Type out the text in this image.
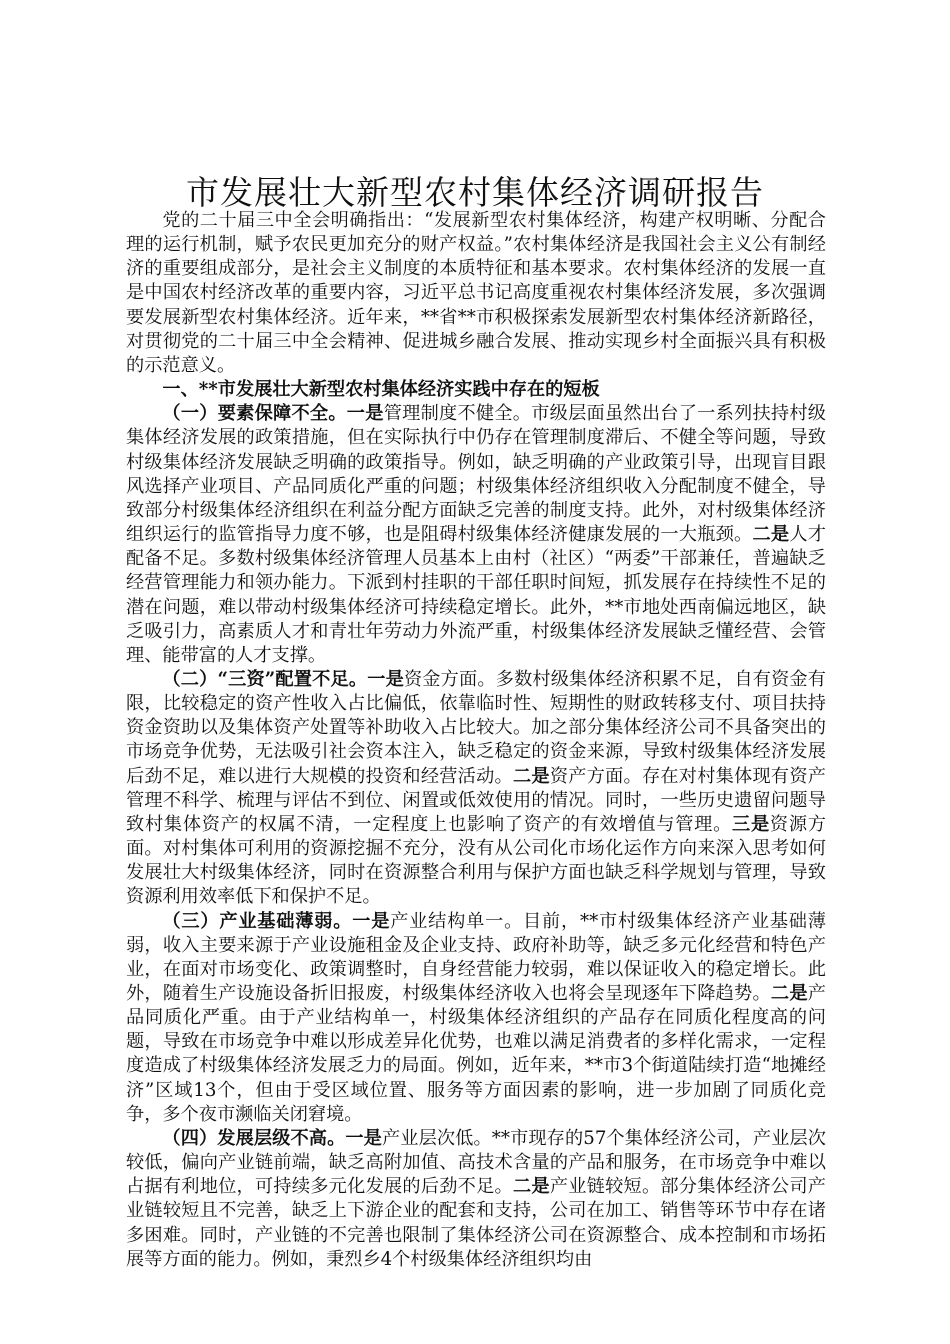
市发展壮大新型农村集体经济调研报告

党的二十届三中全会明确指出：“发展新型农村集体经济，构建产权明晰、分配合理的运行机制，赋予农民更加充分的财产权益。”农村集体经济是我国社会主义公有制经济的重要组成部分，是社会主义制度的本质特征和基本要求。农村集体经济的发展一直是中国农村经济改革的重要内容，习近平总书记高度重视农村集体经济发展，多次强调要发展新型农村集体经济。近年来，**省**市积极探索发展新型农村集体经济新路径，对贯彻党的二十届三中全会精神、促进城乡融合发展、推动实现乡村全面振兴具有积极的示范意义。

一、**市发展壮大新型农村集体经济实践中存在的短板

（一）要素保障不全。一是管理制度不健全。市级层面虽然出台了一系列扶持村级集体经济发展的政策措施，但在实际执行中仍存在管理制度滞后、不健全等问题，导致村级集体经济发展缺乏明确的政策指导。例如，缺乏明确的产业政策引导，出现盲目跟风选择产业项目、产品同质化严重的问题；村级集体经济组织收入分配制度不健全，导致部分村级集体经济组织在利益分配方面缺乏完善的制度支持。此外，对村级集体经济组织运行的监管指导力度不够，也是阻碍村级集体经济健康发展的一大瓶颈。二是人才配备不足。多数村级集体经济管理人员基本上由村（社区）“两委”干部兼任，普遍缺乏经营管理能力和领办能力。下派到村挂职的干部任职时间短，抓发展存在持续性不足的潜在问题，难以带动村级集体经济可持续稳定增长。此外，**市地处西南偏远地区，缺乏吸引力，高素质人才和青壮年劳动力外流严重，村级集体经济发展缺乏懂经营、会管理、能带富的人才支撑。

（二）“三资”配置不足。一是资金方面。多数村级集体经济积累不足，自有资金有限，比较稳定的资产性收入占比偏低，依靠临时性、短期性的财政转移支付、项目扶持资金资助以及集体资产处置等补助收入占比较大。加之部分集体经济公司不具备突出的市场竞争优势，无法吸引社会资本注入，缺乏稳定的资金来源，导致村级集体经济发展后劲不足，难以进行大规模的投资和经营活动。二是资产方面。存在对村集体现有资产管理不科学、梳理与评估不到位、闲置或低效使用的情况。同时，一些历史遗留问题导致村集体资产的权属不清，一定程度上也影响了资产的有效增值与管理。三是资源方面。对村集体可利用的资源挖掘不充分，没有从公司化市场化运作方向来深入思考如何发展壮大村级集体经济，同时在资源整合利用与保护方面也缺乏科学规划与管理，导致资源利用效率低下和保护不足。

（三）产业基础薄弱。一是产业结构单一。目前，**市村级集体经济产业基础薄弱，收入主要来源于产业设施租金及企业支持、政府补助等，缺乏多元化经营和特色产业，在面对市场变化、政策调整时，自身经营能力较弱，难以保证收入的稳定增长。此外，随着生产设施设备折旧报废，村级集体经济收入也将会呈现逐年下降趋势。二是产品同质化严重。由于产业结构单一，村级集体经济组织的产品存在同质化程度高的问题，导致在市场竞争中难以形成差异化优势，也难以满足消费者的多样化需求，一定程度造成了村级集体经济发展乏力的局面。例如，近年来，**市3个街道陆续打造“地摊经济”区域13个，但由于受区域位置、服务等方面因素的影响，进一步加剧了同质化竞争，多个夜市濒临关闭窘境。

（四）发展层级不高。一是产业层次低。**市现存的57个集体经济公司，产业层次较低，偏向产业链前端，缺乏高附加值、高技术含量的产品和服务，在市场竞争中难以占据有利地位，可持续多元化发展的后劲不足。二是产业链较短。部分集体经济公司产业链较短且不完善，缺乏上下游企业的配套和支持，公司在加工、销售等环节中存在诸多困难。同时，产业链的不完善也限制了集体经济公司在资源整合、成本控制和市场拓展等方面的能力。例如，秉烈乡4个村级集体经济组织均由
